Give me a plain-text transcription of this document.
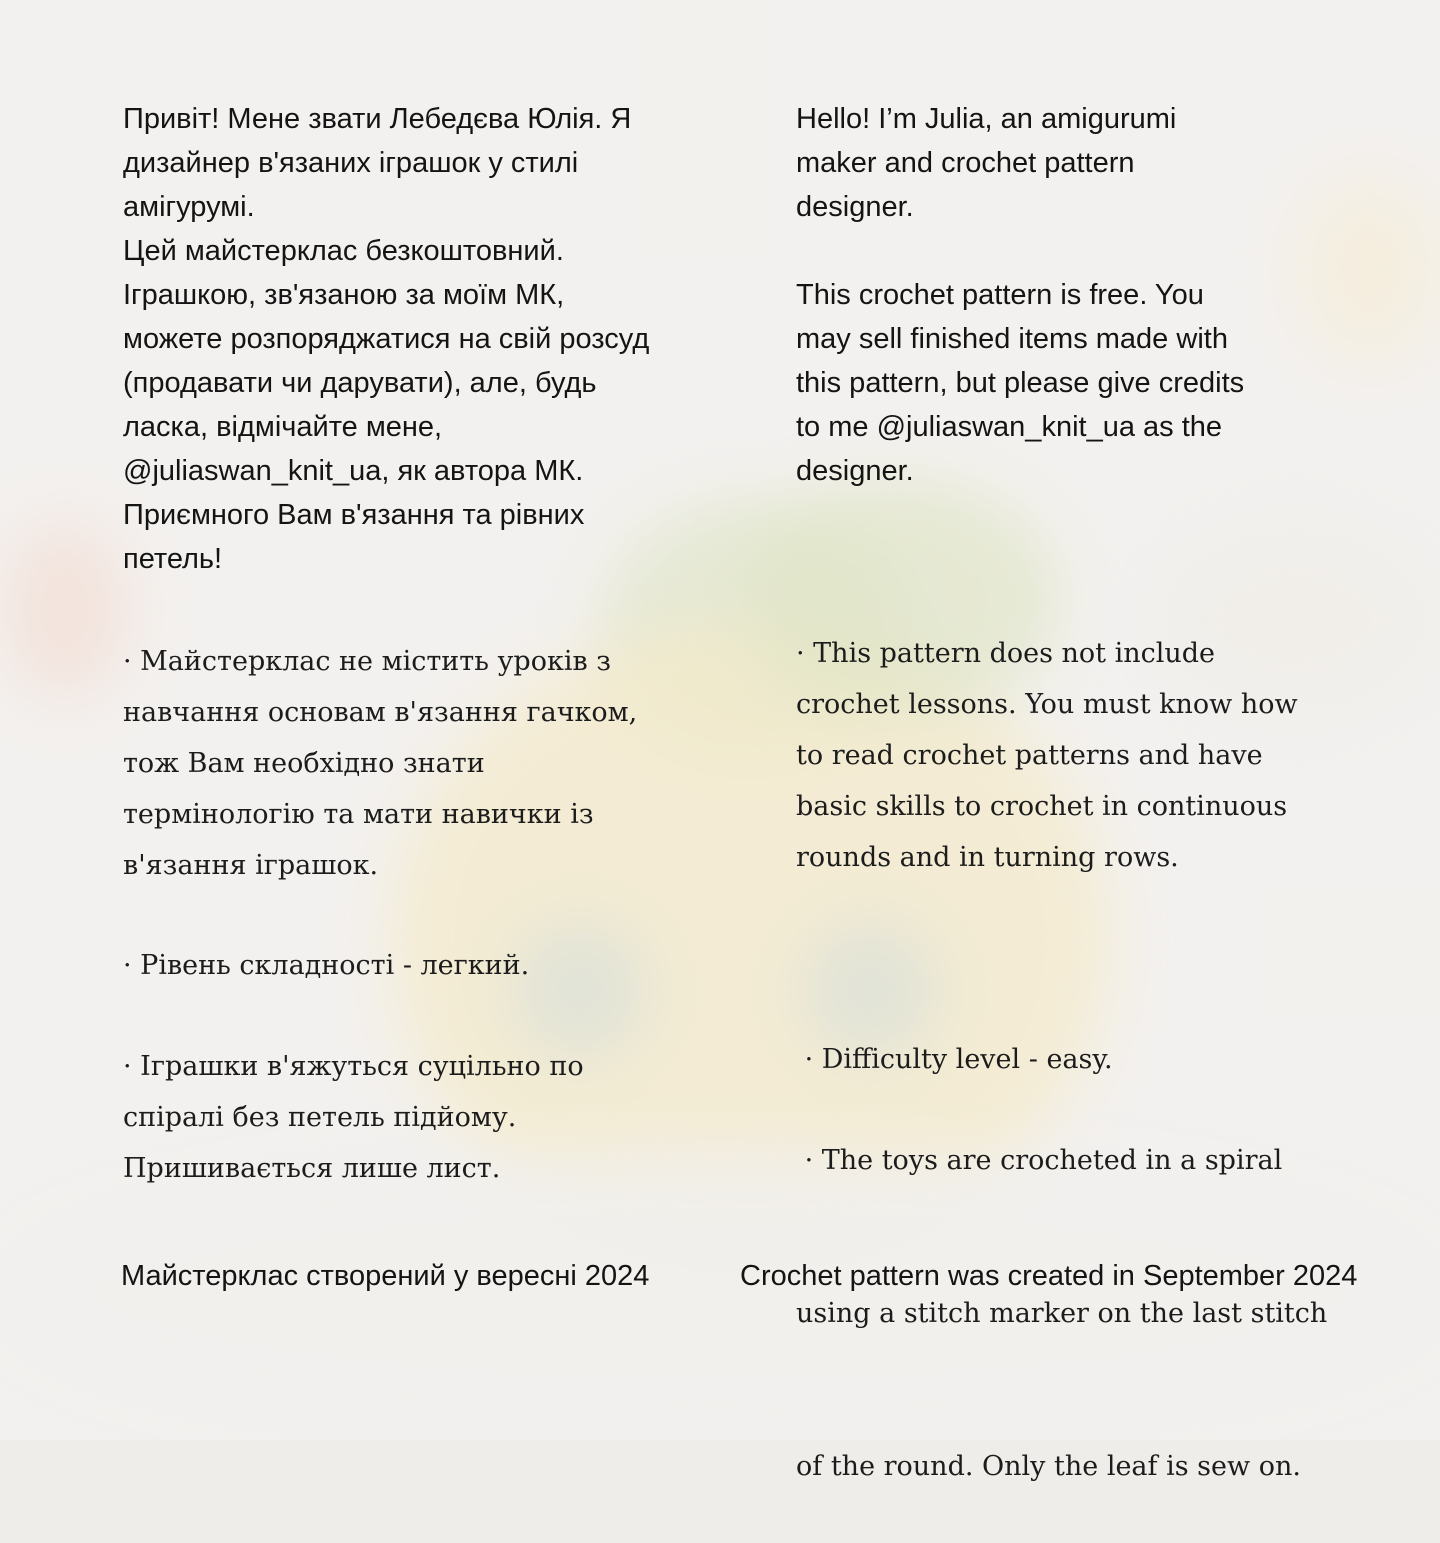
Привіт! Мене звати Лебедєва Юлія. Я
дизайнер в'язаних іграшок у стилі
амігурумі.
Цей майстерклас безкоштовний.
Іграшкою, зв'язаною за моїм МК,
можете розпоряджатися на свій розсуд
(продавати чи дарувати), але, будь
ласка, відмічайте мене,
@juliaswan_knit_ua, як автора МК.
Приємного Вам в'язання та рівних
петель!
· Майстерклас не містить уроків з
навчання основам в'язання гачком,
тож Вам необхідно знати
термінологію та мати навички із
в'язання іграшок.
· Рівень складності - легкий.
· Іграшки в'яжуться суцільно по
спіралі без петель підйому.
Пришивається лише лист.
Майстерклас створений у вересні 2024
Hello! I’m Julia, an amigurumi
maker and crochet pattern
designer.
This crochet pattern is free. You
may sell finished items made with
this pattern, but please give credits
to me @juliaswan_knit_ua as the
designer.
· This pattern does not include
crochet lessons. You must know how
to read crochet patterns and have
basic skills to crochet in continuous
rounds and in turning rows.

· Difficulty level - easy.

· The toys are crocheted in a spiral

using a stitch marker on the last stitch

of the round. Only the leaf is sew on.

Crochet pattern was created in September 2024
